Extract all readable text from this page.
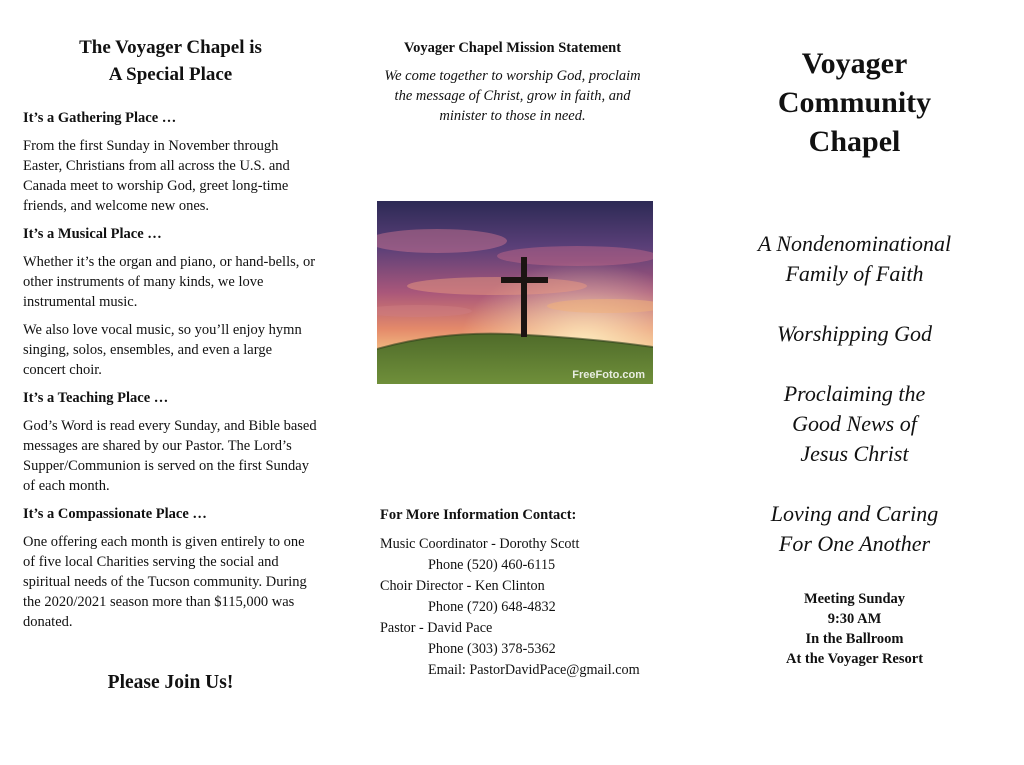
The Voyager Chapel is
A Special Place
It’s a Gathering Place …
From the first Sunday in November through Easter, Christians from all across the U.S. and Canada meet to worship God, greet long-time friends, and welcome new ones.
It’s a Musical Place …
Whether it’s the organ and piano, or hand-bells, or other instruments of many kinds, we love instrumental music.
We also love vocal music, so you’ll enjoy hymn singing, solos, ensembles, and even a large concert choir.
It’s a Teaching Place …
God’s Word is read every Sunday, and Bible based messages are shared by our Pastor. The Lord’s Supper/Communion is served on the first Sunday of each month.
It’s a Compassionate Place …
One offering each month is given entirely to one of five local Charities serving the social and spiritual needs of the Tucson community. During the 2020/2021 season more than $115,000 was donated.
Please Join Us!
Voyager Chapel Mission Statement
We come together to worship God, proclaim the message of Christ, grow in faith, and minister to those in need.
FreeFoto.com
For More Information Contact:
Music Coordinator - Dorothy Scott
Phone (520) 460-6115
Choir Director - Ken Clinton
Phone (720) 648-4832
Pastor - David Pace
Phone (303) 378-5362
Email: PastorDavidPace@gmail.com
Voyager
Community
Chapel
A Nondenominational
Family of Faith
Worshipping God
Proclaiming the
Good News of
Jesus Christ
Loving and Caring
For One Another
Meeting Sunday
9:30 AM
In the Ballroom
At the Voyager Resort
